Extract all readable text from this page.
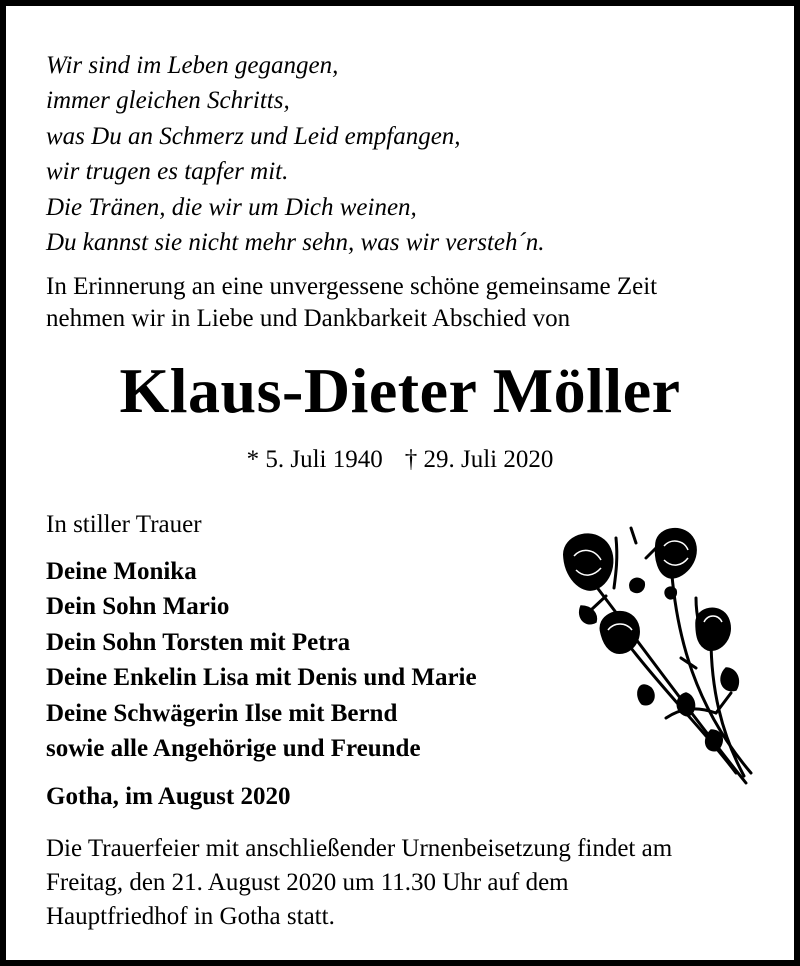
Wir sind im Leben gegangen,
immer gleichen Schritts,
was Du an Schmerz und Leid empfangen,
wir trugen es tapfer mit.
Die Tränen, die wir um Dich weinen,
Du kannst sie nicht mehr sehn, was wir versteh´n.
In Erinnerung an eine unvergessene schöne gemeinsame Zeit
nehmen wir in Liebe und Dankbarkeit Abschied von
Klaus-Dieter Möller
* 5. Juli 1940 † 29. Juli 2020
In stiller Trauer
Deine Monika
Dein Sohn Mario
Dein Sohn Torsten mit Petra
Deine Enkelin Lisa mit Denis und Marie
Deine Schwägerin Ilse mit Bernd
sowie alle Angehörige und Freunde
Gotha, im August 2020
Die Trauerfeier mit anschließender Urnenbeisetzung findet am
Freitag, den 21. August 2020 um 11.30 Uhr auf dem
Hauptfriedhof in Gotha statt.
